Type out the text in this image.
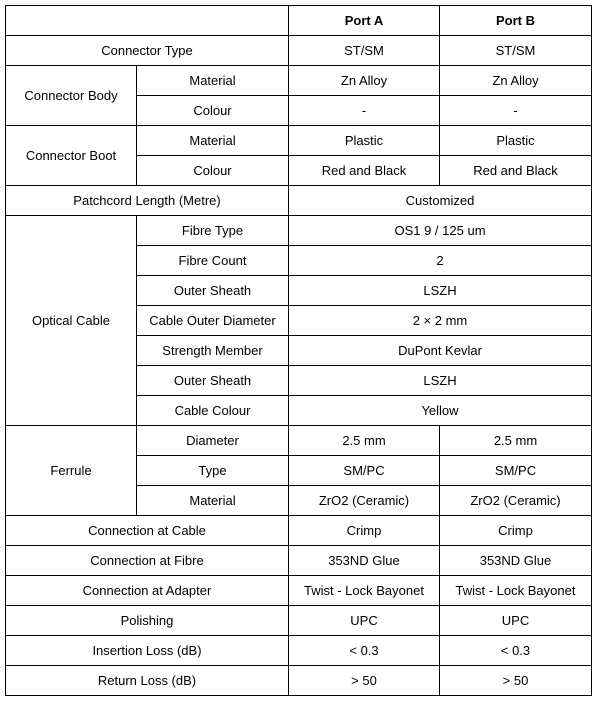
		Port A	Port B
Connector Type		ST/SM	ST/SM
Connector Body	Material	Zn Alloy	Zn Alloy
	Colour	-	-
Connector Boot	Material	Plastic	Plastic
	Colour	Red and Black	Red and Black
Patchcord Length (Metre)		Customized	
Optical Cable	Fibre Type	OS1 9 / 125 um	
	Fibre Count	2	
	Outer Sheath	LSZH	
	Cable Outer Diameter	2 × 2 mm	
	Strength Member	DuPont Kevlar	
	Outer Sheath	LSZH	
	Cable Colour	Yellow	
Ferrule	Diameter	2.5 mm	2.5 mm
	Type	SM/PC	SM/PC
	Material	ZrO2 (Ceramic)	ZrO2 (Ceramic)
Connection at Cable		Crimp	Crimp
Connection at Fibre		353ND Glue	353ND Glue
Connection at Adapter		Twist - Lock Bayonet	Twist - Lock Bayonet
Polishing		UPC	UPC
Insertion Loss (dB)		< 0.3	< 0.3
Return Loss (dB)		> 50	> 50
